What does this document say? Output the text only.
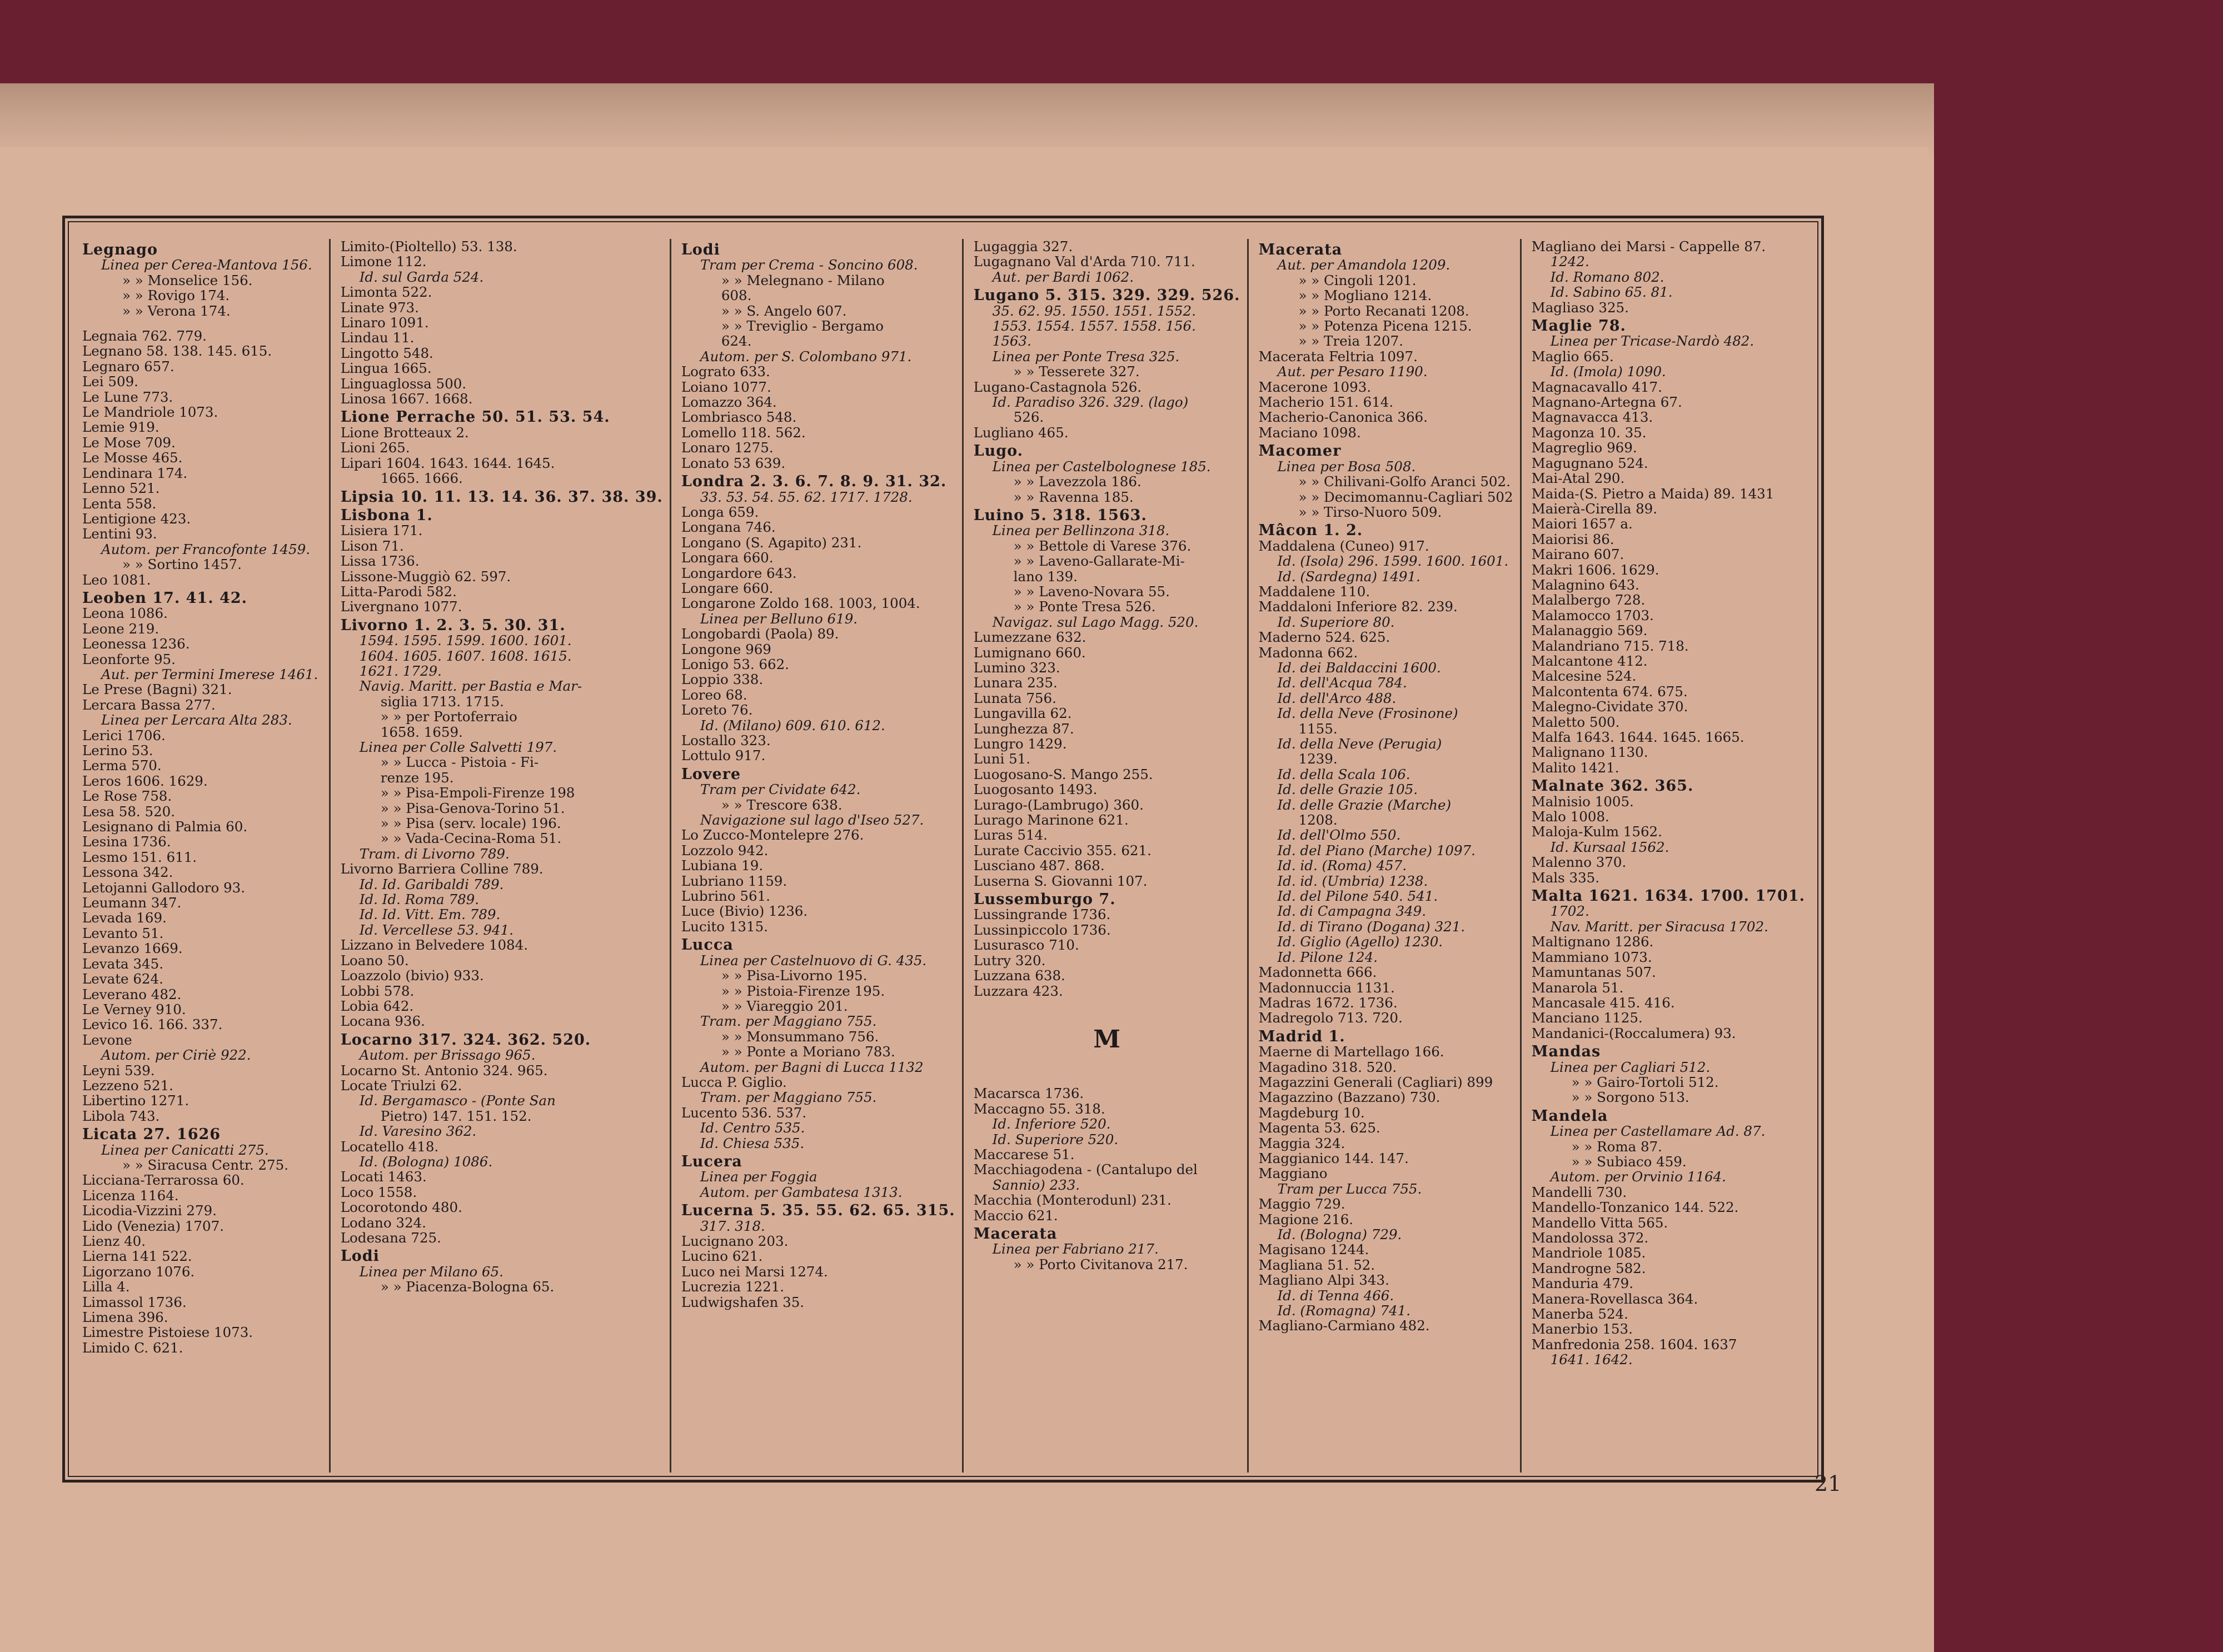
Legnago
Linea per Cerea-Mantova 156.
» » Monselice 156.
» » Rovigo 174.
» » Verona 174.
Legnaia 762. 779.
Legnano 58. 138. 145. 615.
Legnaro 657.
Lei 509.
Le Lune 773.
Le Mandriole 1073.
Lemie 919.
Le Mose 709.
Le Mosse 465.
Lendinara 174.
Lenno 521.
Lenta 558.
Lentigione 423.
Lentini 93.
Autom. per Francofonte 1459.
» » Sortino 1457.
Leo 1081.
Leoben 17. 41. 42.
Leona 1086.
Leone 219.
Leonessa 1236.
Leonforte 95.
Aut. per Termini Imerese 1461.
Le Prese (Bagni) 321.
Lercara Bassa 277.
Linea per Lercara Alta 283.
Lerici 1706.
Lerino 53.
Lerma 570.
Leros 1606. 1629.
Le Rose 758.
Lesa 58. 520.
Lesignano di Palmia 60.
Lesina 1736.
Lesmo 151. 611.
Lessona 342.
Letojanni Gallodoro 93.
Leumann 347.
Levada 169.
Levanto 51.
Levanzo 1669.
Levata 345.
Levate 624.
Leverano 482.
Le Verney 910.
Levico 16. 166. 337.
Levone
Autom. per Ciriè 922.
Leyni 539.
Lezzeno 521.
Libertino 1271.
Libola 743.
Licata 27. 1626
Linea per Canicatti 275.
» » Siracusa Centr. 275.
Licciana-Terrarossa 60.
Licenza 1164.
Licodia-Vizzini 279.
Lido (Venezia) 1707.
Lienz 40.
Lierna 141 522.
Ligorzano 1076.
Lilla 4.
Limassol 1736.
Limena 396.
Limestre Pistoiese 1073.
Limido C. 621.
Limito-(Pioltello) 53. 138.
Limone 112.
Id. sul Garda 524.
Limonta 522.
Linate 973.
Linaro 1091.
Lindau 11.
Lingotto 548.
Lingua 1665.
Linguaglossa 500.
Linosa 1667. 1668.
Lione Perrache 50. 51. 53. 54.
Lione Brotteaux 2.
Lioni 265.
Lipari 1604. 1643. 1644. 1645.
1665. 1666.
Lipsia 10. 11. 13. 14. 36. 37. 38. 39.
Lisbona 1.
Lisiera 171.
Lison 71.
Lissa 1736.
Lissone-Muggiò 62. 597.
Litta-Parodi 582.
Livergnano 1077.
Livorno 1. 2. 3. 5. 30. 31.
1594. 1595. 1599. 1600. 1601.
1604. 1605. 1607. 1608. 1615.
1621. 1729.
Navig. Maritt. per Bastia e Mar-
siglia 1713. 1715.
» » per Portoferraio
1658. 1659.
Linea per Colle Salvetti 197.
» » Lucca - Pistoia - Fi-
renze 195.
» » Pisa-Empoli-Firenze 198
» » Pisa-Genova-Torino 51.
» » Pisa (serv. locale) 196.
» » Vada-Cecina-Roma 51.
Tram. di Livorno 789.
Livorno Barriera Colline 789.
Id. Id. Garibaldi 789.
Id. Id. Roma 789.
Id. Id. Vitt. Em. 789.
Id. Vercellese 53. 941.
Lizzano in Belvedere 1084.
Loano 50.
Loazzolo (bivio) 933.
Lobbi 578.
Lobia 642.
Locana 936.
Locarno 317. 324. 362. 520.
Autom. per Brissago 965.
Locarno St. Antonio 324. 965.
Locate Triulzi 62.
Id. Bergamasco - (Ponte San
Pietro) 147. 151. 152.
Id. Varesino 362.
Locatello 418.
Id. (Bologna) 1086.
Locati 1463.
Loco 1558.
Locorotondo 480.
Lodano 324.
Lodesana 725.
Lodi
Linea per Milano 65.
» » Piacenza-Bologna 65.
Lodi
Tram per Crema - Soncino 608.
» » Melegnano - Milano
608.
» » S. Angelo 607.
» » Treviglio - Bergamo
624.
Autom. per S. Colombano 971.
Lograto 633.
Loiano 1077.
Lomazzo 364.
Lombriasco 548.
Lomello 118. 562.
Lonaro 1275.
Lonato 53 639.
Londra 2. 3. 6. 7. 8. 9. 31. 32.
33. 53. 54. 55. 62. 1717. 1728.
Longa 659.
Longana 746.
Longano (S. Agapito) 231.
Longara 660.
Longardore 643.
Longare 660.
Longarone Zoldo 168. 1003, 1004.
Linea per Belluno 619.
Longobardi (Paola) 89.
Longone 969
Lonigo 53. 662.
Loppio 338.
Loreo 68.
Loreto 76.
Id. (Milano) 609. 610. 612.
Lostallo 323.
Lottulo 917.
Lovere
Tram per Cividate 642.
» » Trescore 638.
Navigazione sul lago d'Iseo 527.
Lo Zucco-Montelepre 276.
Lozzolo 942.
Lubiana 19.
Lubriano 1159.
Lubrino 561.
Luce (Bivio) 1236.
Lucito 1315.
Lucca
Linea per Castelnuovo di G. 435.
» » Pisa-Livorno 195.
» » Pistoia-Firenze 195.
» » Viareggio 201.
Tram. per Maggiano 755.
» » Monsummano 756.
» » Ponte a Moriano 783.
Autom. per Bagni di Lucca 1132
Lucca P. Giglio.
Tram. per Maggiano 755.
Lucento 536. 537.
Id. Centro 535.
Id. Chiesa 535.
Lucera
Linea per Foggia
Autom. per Gambatesa 1313.
Lucerna 5. 35. 55. 62. 65. 315.
317. 318.
Lucignano 203.
Lucino 621.
Luco nei Marsi 1274.
Lucrezia 1221.
Ludwigshafen 35.
Lugaggia 327.
Lugagnano Val d'Arda 710. 711.
Aut. per Bardi 1062.
Lugano 5. 315. 329. 329. 526.
35. 62. 95. 1550. 1551. 1552.
1553. 1554. 1557. 1558. 156.
1563.
Linea per Ponte Tresa 325.
» » Tesserete 327.
Lugano-Castagnola 526.
Id. Paradiso 326. 329. (lago)
526.
Lugliano 465.
Lugo.
Linea per Castelbolognese 185.
» » Lavezzola 186.
» » Ravenna 185.
Luino 5. 318. 1563.
Linea per Bellinzona 318.
» » Bettole di Varese 376.
» » Laveno-Gallarate-Mi-
lano 139.
» » Laveno-Novara 55.
» » Ponte Tresa 526.
Navigaz. sul Lago Magg. 520.
Lumezzane 632.
Lumignano 660.
Lumino 323.
Lunara 235.
Lunata 756.
Lungavilla 62.
Lunghezza 87.
Lungro 1429.
Luni 51.
Luogosano-S. Mango 255.
Luogosanto 1493.
Lurago-(Lambrugo) 360.
Lurago Marinone 621.
Luras 514.
Lurate Caccivio 355. 621.
Lusciano 487. 868.
Luserna S. Giovanni 107.
Lussemburgo 7.
Lussingrande 1736.
Lussinpiccolo 1736.
Lusurasco 710.
Lutry 320.
Luzzana 638.
Luzzara 423.
M
Macarsca 1736.
Maccagno 55. 318.
Id. Inferiore 520.
Id. Superiore 520.
Maccarese 51.
Macchiagodena - (Cantalupo del
Sannio) 233.
Macchia (Monterodunl) 231.
Maccio 621.
Macerata
Linea per Fabriano 217.
» » Porto Civitanova 217.
Macerata
Aut. per Amandola 1209.
» » Cingoli 1201.
» » Mogliano 1214.
» » Porto Recanati 1208.
» » Potenza Picena 1215.
» » Treia 1207.
Macerata Feltria 1097.
Aut. per Pesaro 1190.
Macerone 1093.
Macherio 151. 614.
Macherio-Canonica 366.
Maciano 1098.
Macomer
Linea per Bosa 508.
» » Chilivani-Golfo Aranci 502.
» » Decimomannu-Cagliari 502
» » Tirso-Nuoro 509.
Mâcon 1. 2.
Maddalena (Cuneo) 917.
Id. (Isola) 296. 1599. 1600. 1601.
Id. (Sardegna) 1491.
Maddalene 110.
Maddaloni Inferiore 82. 239.
Id. Superiore 80.
Maderno 524. 625.
Madonna 662.
Id. dei Baldaccini 1600.
Id. dell'Acqua 784.
Id. dell'Arco 488.
Id. della Neve (Frosinone)
1155.
Id. della Neve (Perugia)
1239.
Id. della Scala 106.
Id. delle Grazie 105.
Id. delle Grazie (Marche)
1208.
Id. dell'Olmo 550.
Id. del Piano (Marche) 1097.
Id. id. (Roma) 457.
Id. id. (Umbria) 1238.
Id. del Pilone 540. 541.
Id. di Campagna 349.
Id. di Tirano (Dogana) 321.
Id. Giglio (Agello) 1230.
Id. Pilone 124.
Madonnetta 666.
Madonnuccia 1131.
Madras 1672. 1736.
Madregolo 713. 720.
Madrid 1.
Maerne di Martellago 166.
Magadino 318. 520.
Magazzini Generali (Cagliari) 899
Magazzino (Bazzano) 730.
Magdeburg 10.
Magenta 53. 625.
Maggia 324.
Maggianico 144. 147.
Maggiano
Tram per Lucca 755.
Maggio 729.
Magione 216.
Id. (Bologna) 729.
Magisano 1244.
Magliana 51. 52.
Magliano Alpi 343.
Id. di Tenna 466.
Id. (Romagna) 741.
Magliano-Carmiano 482.
Magliano dei Marsi - Cappelle 87.
1242.
Id. Romano 802.
Id. Sabino 65. 81.
Magliaso 325.
Maglie 78.
Linea per Tricase-Nardò 482.
Maglio 665.
Id. (Imola) 1090.
Magnacavallo 417.
Magnano-Artegna 67.
Magnavacca 413.
Magonza 10. 35.
Magreglio 969.
Magugnano 524.
Mai-Atal 290.
Maida-(S. Pietro a Maida) 89. 1431
Maierà-Cirella 89.
Maiori 1657 a.
Maiorisi 86.
Mairano 607.
Makri 1606. 1629.
Malagnino 643.
Malalbergo 728.
Malamocco 1703.
Malanaggio 569.
Malandriano 715. 718.
Malcantone 412.
Malcesine 524.
Malcontenta 674. 675.
Malegno-Cividate 370.
Maletto 500.
Malfa 1643. 1644. 1645. 1665.
Malignano 1130.
Malito 1421.
Malnate 362. 365.
Malnisio 1005.
Malo 1008.
Maloja-Kulm 1562.
Id. Kursaal 1562.
Malenno 370.
Mals 335.
Malta 1621. 1634. 1700. 1701.
1702.
Nav. Maritt. per Siracusa 1702.
Maltignano 1286.
Mammiano 1073.
Mamuntanas 507.
Manarola 51.
Mancasale 415. 416.
Manciano 1125.
Mandanici-(Roccalumera) 93.
Mandas
Linea per Cagliari 512.
» » Gairo-Tortoli 512.
» » Sorgono 513.
Mandela
Linea per Castellamare Ad. 87.
» » Roma 87.
» » Subiaco 459.
Autom. per Orvinio 1164.
Mandelli 730.
Mandello-Tonzanico 144. 522.
Mandello Vitta 565.
Mandolossa 372.
Mandriole 1085.
Mandrogne 582.
Manduria 479.
Manera-Rovellasca 364.
Manerba 524.
Manerbio 153.
Manfredonia 258. 1604. 1637
1641. 1642.
21
